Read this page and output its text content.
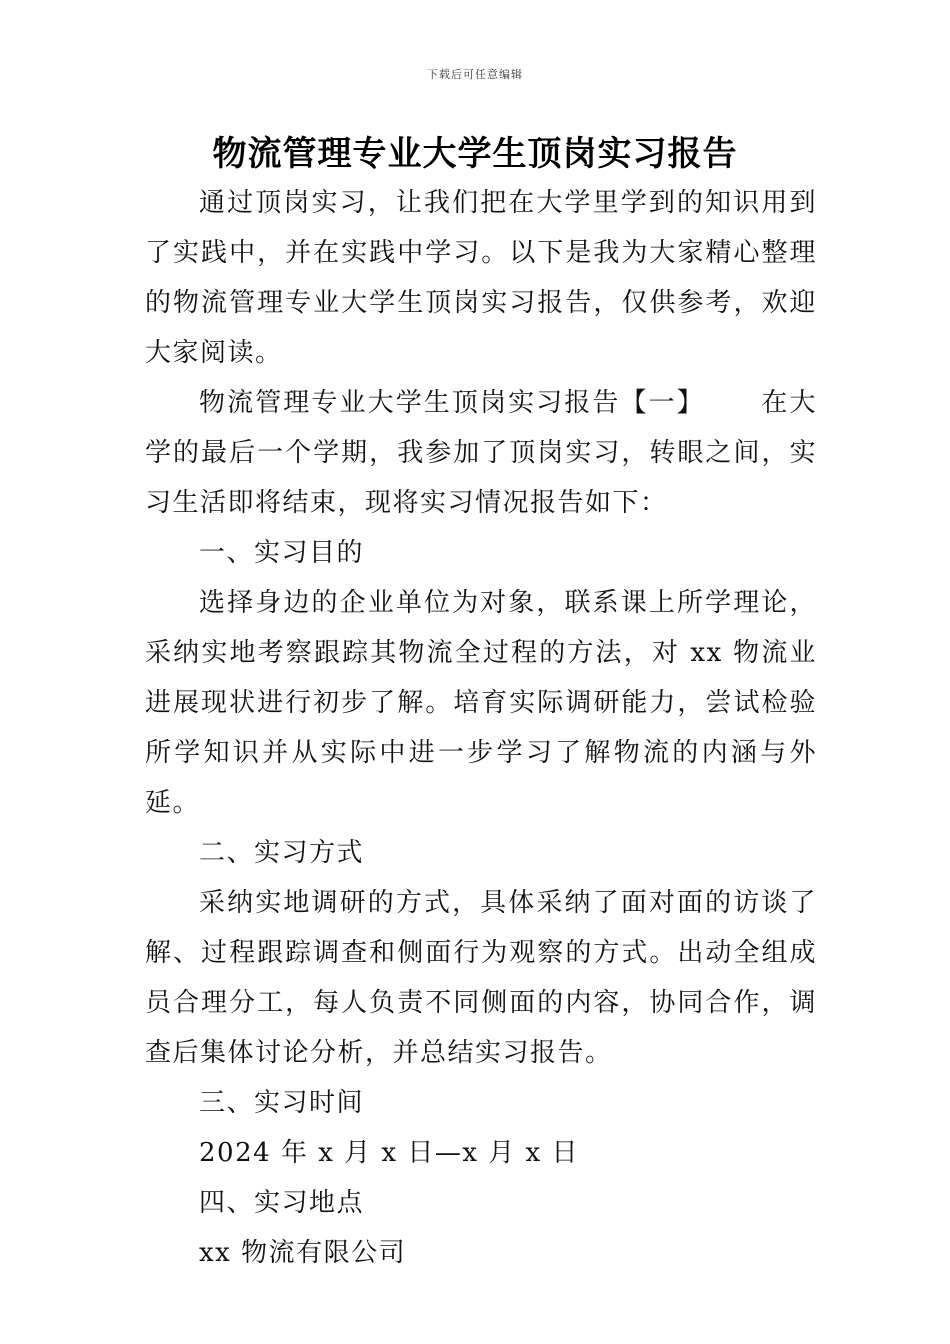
下载后可任意编辑
物流管理专业大学生顶岗实习报告

通过顶岗实习，让我们把在大学里学到的知识用到了实践中，并在实践中学习。以下是我为大家精心整理的物流管理专业大学生顶岗实习报告，仅供参考，欢迎大家阅读。

物流管理专业大学生顶岗实习报告【一】 在大学的最后一个学期，我参加了顶岗实习，转眼之间，实习生活即将结束，现将实习情况报告如下：

一、实习目的

选择身边的企业单位为对象，联系课上所学理论，采纳实地考察跟踪其物流全过程的方法，对 xx 物流业进展现状进行初步了解。培育实际调研能力，尝试检验所学知识并从实际中进一步学习了解物流的内涵与外延。

二、实习方式

采纳实地调研的方式，具体采纳了面对面的访谈了解、过程跟踪调查和侧面行为观察的方式。出动全组成员合理分工，每人负责不同侧面的内容，协同合作，调查后集体讨论分析，并总结实习报告。

三、实习时间

2024 年 x 月 x 日—x 月 x 日

四、实习地点

xx 物流有限公司
